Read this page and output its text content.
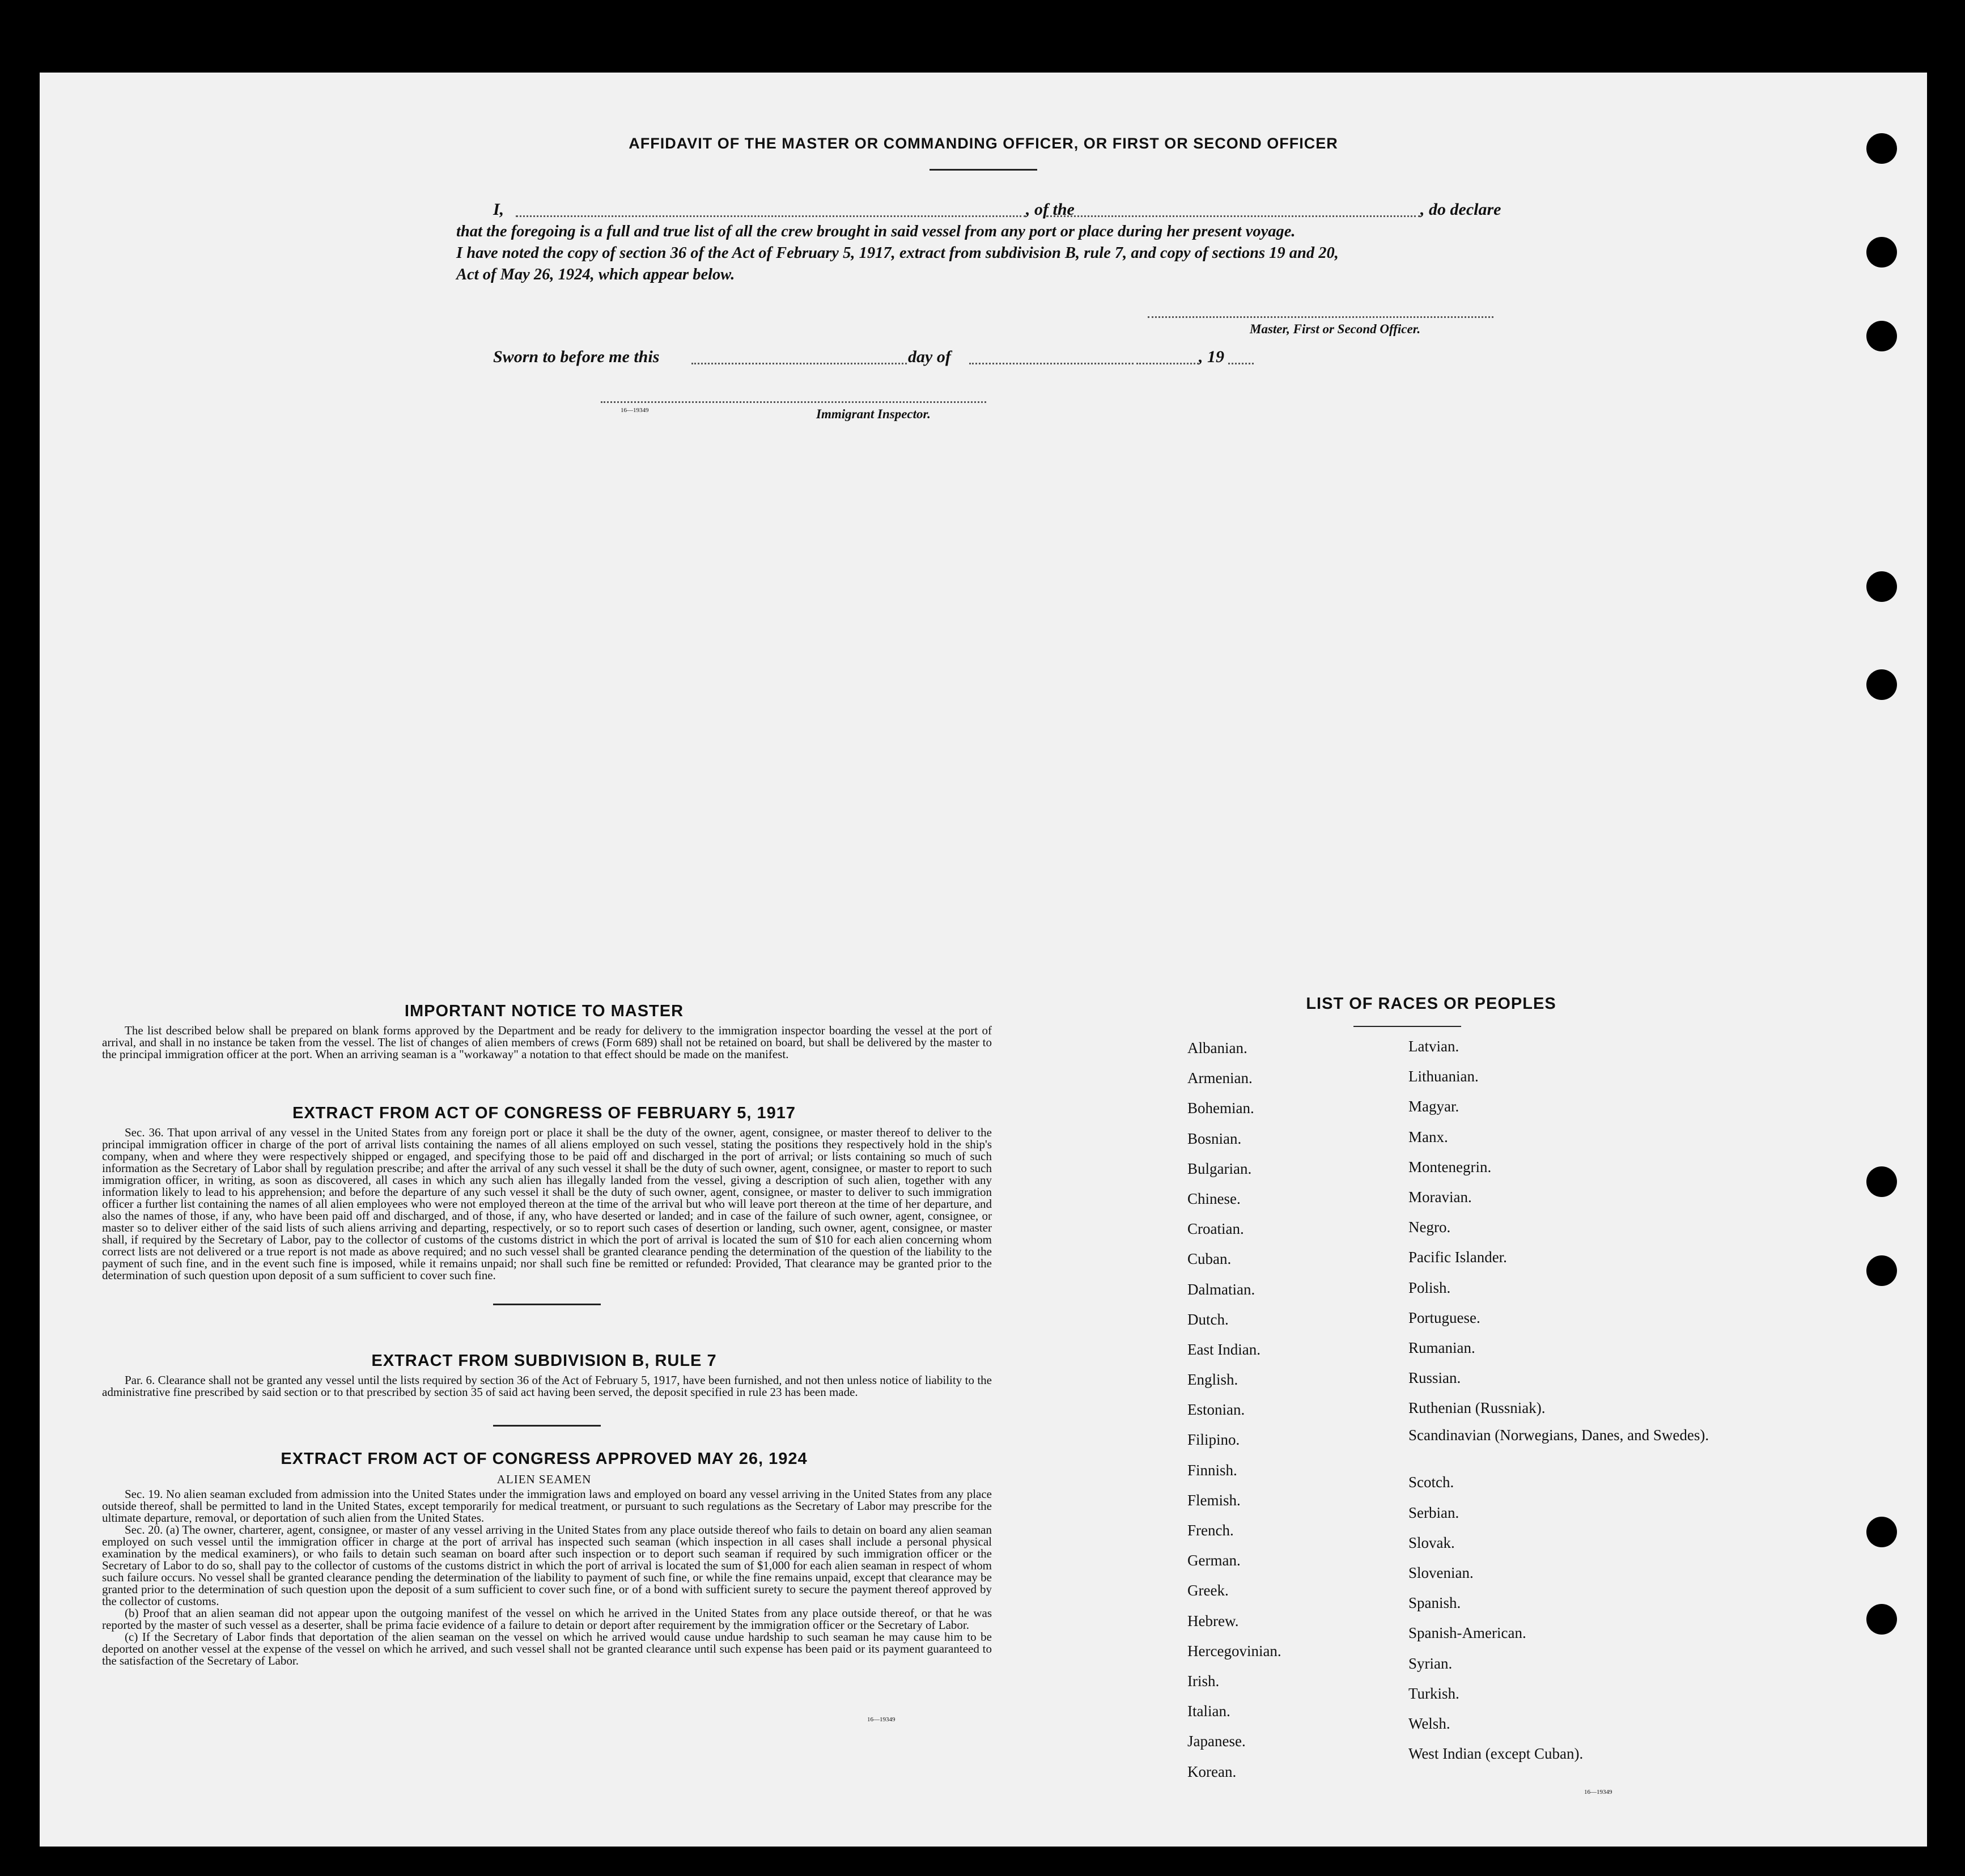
AFFIDAVIT OF THE MASTER OR COMMANDING OFFICER, OR FIRST OR SECOND OFFICER
I,	, of the	, do declare
that the foregoing is a full and true list of all the crew brought in said vessel from any port or place during her present voyage.
I have noted the copy of section 36 of the Act of February 5, 1917, extract from subdivision B, rule 7, and copy of sections 19 and 20,
Act of May 26, 1924, which appear below.
Master, First or Second Officer.
Sworn to before me this	day of	, 19
16—19349	Immigrant Inspector.
IMPORTANT NOTICE TO MASTER

The list described below shall be prepared on blank forms approved by the Department and be ready for delivery to the immigration inspector boarding the vessel at the port of arrival, and shall in no instance be taken from the vessel. The list of changes of alien members of crews (Form 689) shall not be retained on board, but shall be delivered by the master to the principal immigration officer at the port. When an arriving seaman is a "workaway" a notation to that effect should be made on the manifest.

EXTRACT FROM ACT OF CONGRESS OF FEBRUARY 5, 1917

Sec. 36. That upon arrival of any vessel in the United States from any foreign port or place it shall be the duty of the owner, agent, consignee, or master thereof to deliver to the principal immigration officer in charge of the port of arrival lists containing the names of all aliens employed on such vessel, stating the positions they respectively hold in the ship's company, when and where they were respectively shipped or engaged, and specifying those to be paid off and discharged in the port of arrival; or lists containing so much of such information as the Secretary of Labor shall by regulation prescribe; and after the arrival of any such vessel it shall be the duty of such owner, agent, consignee, or master to report to such immigration officer, in writing, as soon as discovered, all cases in which any such alien has illegally landed from the vessel, giving a description of such alien, together with any information likely to lead to his apprehension; and before the departure of any such vessel it shall be the duty of such owner, agent, consignee, or master to deliver to such immigration officer a further list containing the names of all alien employees who were not employed thereon at the time of the arrival but who will leave port thereon at the time of her departure, and also the names of those, if any, who have been paid off and discharged, and of those, if any, who have deserted or landed; and in case of the failure of such owner, agent, consignee, or master so to deliver either of the said lists of such aliens arriving and departing, respectively, or so to report such cases of desertion or landing, such owner, agent, consignee, or master shall, if required by the Secretary of Labor, pay to the collector of customs of the customs district in which the port of arrival is located the sum of $10 for each alien concerning whom correct lists are not delivered or a true report is not made as above required; and no such vessel shall be granted clearance pending the determination of the question of the liability to the payment of such fine, and in the event such fine is imposed, while it remains unpaid; nor shall such fine be remitted or refunded: Provided, That clearance may be granted prior to the determination of such question upon deposit of a sum sufficient to cover such fine.

EXTRACT FROM SUBDIVISION B, RULE 7

Par. 6. Clearance shall not be granted any vessel until the lists required by section 36 of the Act of February 5, 1917, have been furnished, and not then unless notice of liability to the administrative fine prescribed by said section or to that prescribed by section 35 of said act having been served, the deposit specified in rule 23 has been made.

EXTRACT FROM ACT OF CONGRESS APPROVED MAY 26, 1924
ALIEN SEAMEN

Sec. 19. No alien seaman excluded from admission into the United States under the immigration laws and employed on board any vessel arriving in the United States from any place outside thereof, shall be permitted to land in the United States, except temporarily for medical treatment, or pursuant to such regulations as the Secretary of Labor may prescribe for the ultimate departure, removal, or deportation of such alien from the United States.

Sec. 20. (a) The owner, charterer, agent, consignee, or master of any vessel arriving in the United States from any place outside thereof who fails to detain on board any alien seaman employed on such vessel until the immigration officer in charge at the port of arrival has inspected such seaman (which inspection in all cases shall include a personal physical examination by the medical examiners), or who fails to detain such seaman on board after such inspection or to deport such seaman if required by such immigration officer or the Secretary of Labor to do so, shall pay to the collector of customs of the customs district in which the port of arrival is located the sum of $1,000 for each alien seaman in respect of whom such failure occurs. No vessel shall be granted clearance pending the determination of the liability to payment of such fine, or while the fine remains unpaid, except that clearance may be granted prior to the determination of such question upon the deposit of a sum sufficient to cover such fine, or of a bond with sufficient surety to secure the payment thereof approved by the collector of customs.

(b) Proof that an alien seaman did not appear upon the outgoing manifest of the vessel on which he arrived in the United States from any place outside thereof, or that he was reported by the master of such vessel as a deserter, shall be prima facie evidence of a failure to detain or deport after requirement by the immigration officer or the Secretary of Labor.

(c) If the Secretary of Labor finds that deportation of the alien seaman on the vessel on which he arrived would cause undue hardship to such seaman he may cause him to be deported on another vessel at the expense of the vessel on which he arrived, and such vessel shall not be granted clearance until such expense has been paid or its payment guaranteed to the satisfaction of the Secretary of Labor.

16—19349
LIST OF RACES OR PEOPLES
Albanian.
Armenian.
Bohemian.
Bosnian.
Bulgarian.
Chinese.
Croatian.
Cuban.
Dalmatian.
Dutch.
East Indian.
English.
Estonian.
Filipino.
Finnish.
Flemish.
French.
German.
Greek.
Hebrew.
Hercegovinian.
Irish.
Italian.
Japanese.
Korean.
Latvian.
Lithuanian.
Magyar.
Manx.
Montenegrin.
Moravian.
Negro.
Pacific Islander.
Polish.
Portuguese.
Rumanian.
Russian.
Ruthenian (Russniak).
Scandinavian (Norwegians, Danes, and Swedes).
Scotch.
Serbian.
Slovak.
Slovenian.
Spanish.
Spanish-American.
Syrian.
Turkish.
Welsh.
West Indian (except Cuban).
16—19349
